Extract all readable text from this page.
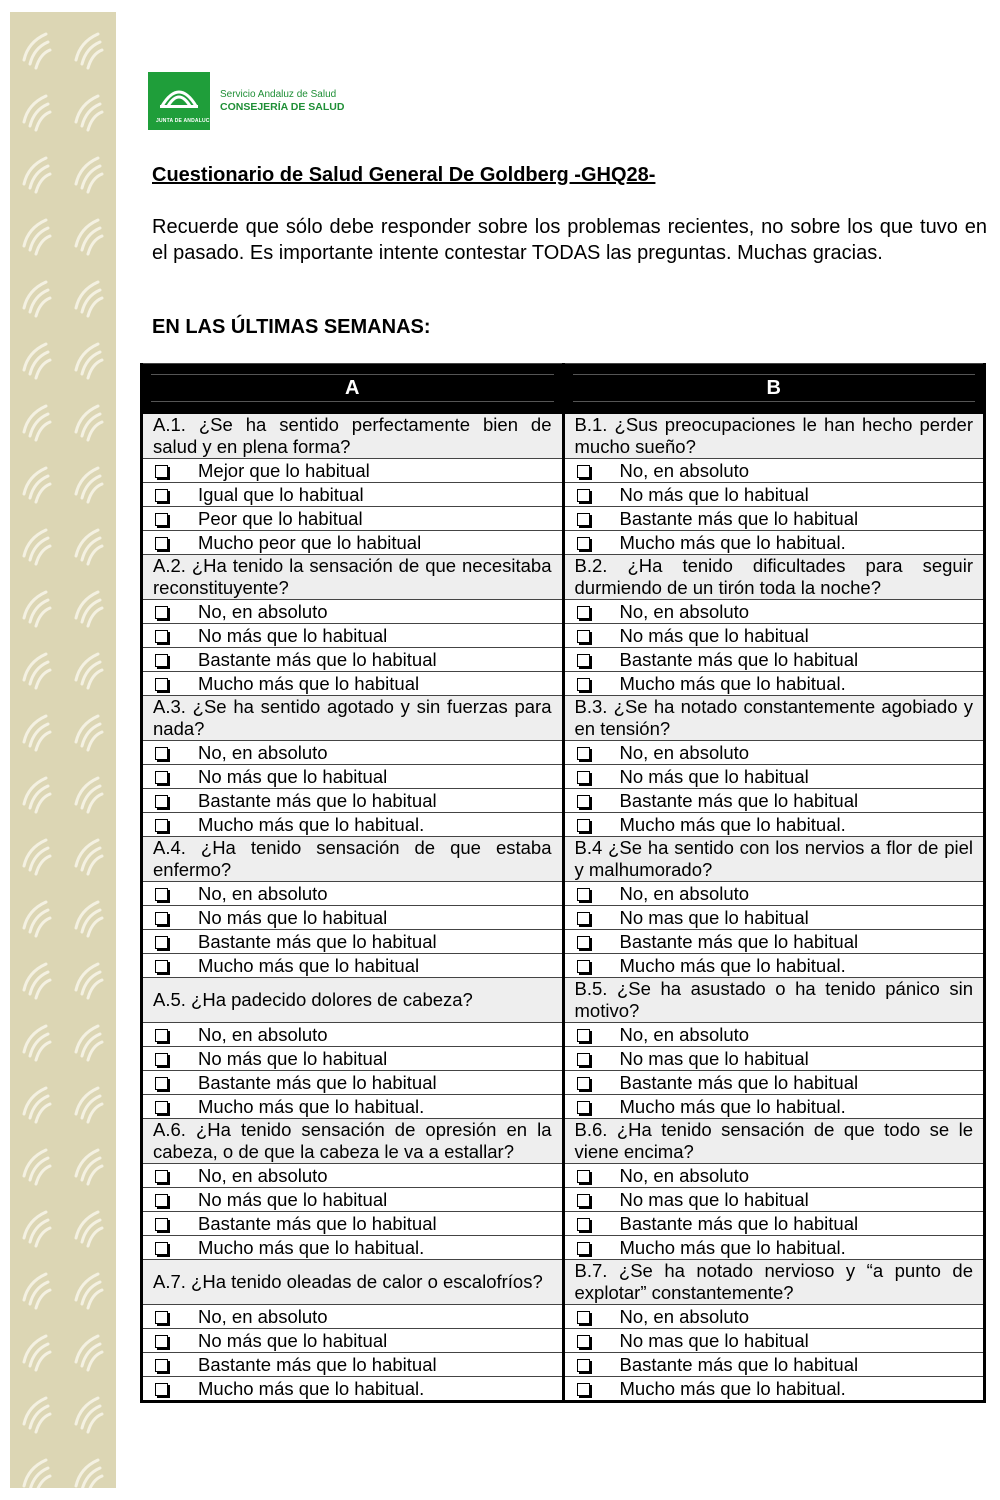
JUNTA DE ANDALUCIA
Servicio Andaluz de Salud
CONSEJERÍA DE SALUD
Cuestionario de Salud General De Goldberg -GHQ28-
Recuerde que sólo debe responder sobre los problemas recientes, no sobre los que tuvo en el pasado. Es importante intente contestar TODAS las preguntas. Muchas gracias.
EN LAS ÚLTIMAS SEMANAS:
A	B

A.1. ¿Se ha sentido perfectamente bien de salud y en plena forma?	B.1. ¿Sus preocupaciones le han hecho perder mucho sueño?

Mejor que lo habitual	No, en absoluto
Igual que lo habitual	No más que lo habitual
Peor que lo habitual	Bastante más que lo habitual
Mucho peor que lo habitual	Mucho más que lo habitual.

A.2. ¿Ha tenido la sensación de que necesitaba reconstituyente?	B.2. ¿Ha tenido dificultades para seguir durmiendo de un tirón toda la noche?

No, en absoluto	No, en absoluto
No más que lo habitual	No más que lo habitual
Bastante más que lo habitual	Bastante más que lo habitual
Mucho más que lo habitual	Mucho más que lo habitual.

A.3. ¿Se ha sentido agotado y sin fuerzas para nada?	B.3. ¿Se ha notado constantemente agobiado y en tensión?

No, en absoluto	No, en absoluto
No más que lo habitual	No más que lo habitual
Bastante más que lo habitual	Bastante más que lo habitual
Mucho más que lo habitual.	Mucho más que lo habitual.

A.4. ¿Ha tenido sensación de que estaba enfermo?	B.4 ¿Se ha sentido con los nervios a flor de piel y malhumorado?

No, en absoluto	No, en absoluto
No más que lo habitual	No mas que lo habitual
Bastante más que lo habitual	Bastante más que lo habitual
Mucho más que lo habitual	Mucho más que lo habitual.

A.5. ¿Ha padecido dolores de cabeza?	B.5. ¿Se ha asustado o ha tenido pánico sin motivo?

No, en absoluto	No, en absoluto
No más que lo habitual	No mas que lo habitual
Bastante más que lo habitual	Bastante más que lo habitual
Mucho más que lo habitual.	Mucho más que lo habitual.

A.6. ¿Ha tenido sensación de opresión en la cabeza, o de que la cabeza le va a estallar?	B.6. ¿Ha tenido sensación de que todo se le viene encima?

No, en absoluto	No, en absoluto
No más que lo habitual	No mas que lo habitual
Bastante más que lo habitual	Bastante más que lo habitual
Mucho más que lo habitual.	Mucho más que lo habitual.

A.7. ¿Ha tenido oleadas de calor o escalofríos?	B.7. ¿Se ha notado nervioso y “a punto de explotar” constantemente?

No, en absoluto	No, en absoluto
No más que lo habitual	No mas que lo habitual
Bastante más que lo habitual	Bastante más que lo habitual
Mucho más que lo habitual.	Mucho más que lo habitual.
